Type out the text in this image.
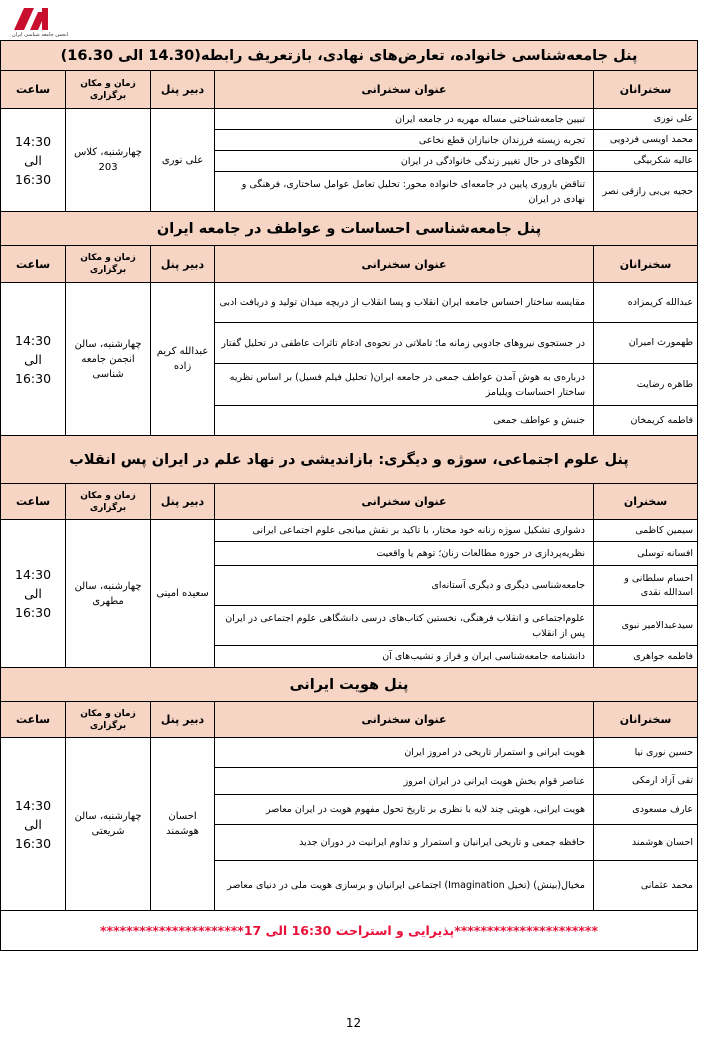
انجمن جامعه شناسی ایران
پنل جامعه‌شناسی خانواده، تعارض‌های نهادی، بازتعریف رابطه(14.30 الی 16.30)				
سخنرانان	عنوان سخنرانی	دبیر پنل	زمان و مکان برگزاری	ساعت
علی نوری	تبیین جامعه‌شناختی مساله مهریه در جامعه ایران	علی نوری	چهارشنبه، کلاس 203	14:30 الی 16:30
محمد اویسی فردویی	تجربه زیسته فرزندان جانبازان قطع نخاعی			
عالیه شکربیگی	الگوهای در حال تغییر زندگی خانوادگی در ایران			
حجیه بی‌بی رازقی نصر	تناقض باروری پایین در جامعه‌ای خانواده محور: تحلیل تعامل عوامل ساختاری، فرهنگی و نهادی در ایران			
پنل جامعه‌شناسی احساسات و عواطف در جامعه ایران				
سخنرانان	عنوان سخنرانی	دبیر پنل	زمان و مکان برگزاری	ساعت
عبدالله کریمزاده	مقایسه ساختار احساس جامعه ایران انقلاب و پسا انقلاب از دریچه میدان تولید و دریافت ادبی	عبدالله کریم زاده	چهارشنبه، سالن انجمن جامعه شناسی	14:30 الی 16:30
طهمورث امیران	در جستجوی نیروهای جادویی زمانه ما؛ تاملاتی در نحوه‌ی ادغام تاثرات عاطفی در تحلیل گفتار			
طاهره رضایت	درباره‌ی به هوش آمدن عواطف جمعی در جامعه ایران( تحلیل فیلم فسیل) بر اساس نظریه ساختار احساسات ویلیامز			
فاطمه کریمخان	جنبش و عواطف جمعی			
پنل علوم اجتماعی، سوژه و دیگری: بازاندیشی در نهاد علم در ایران پس انقلاب				
سخنران	عنوان سخنرانی	دبیر پنل	زمان و مکان برگزاری	ساعت
سیمین کاظمی	دشواری تشکیل سوژه زنانه خود مختار، با تاکید بر نقش میانجی علوم اجتماعی ایرانی	سعیده امینی	چهارشنبه، سالن مطهری	14:30 الی 16:30
افسانه توسلی	نظریه‌پردازی در حوزه مطالعات زنان؛ توهم یا واقعیت			
احسام سلطانی و اسدالله نقدی	جامعه‌شناسی دیگری و دیگری آستانه‌ای			
سیدعبدالامیر نبوی	علوم‌اجتماعی و انقلاب فرهنگی، نخستین کتاب‌های درسی دانشگاهی علوم اجتماعی در ایران پس از انقلاب			
فاطمه جواهری	دانشنامه جامعه‌شناسی ایران و فراز و نشیب‌های آن			
پنل هویت ایرانی				
سخنرانان	عنوان سخنرانی	دبیر پنل	زمان و مکان برگزاری	ساعت
حسین نوری نیا	هویت ایرانی و استمرار تاریخی در امروز ایران	احسان هوشمند	چهارشنبه، سالن شریعتی	14:30 الی 16:30
تقی آزاد ارمکی	عناصر قوام بخش هویت ایرانی در ایران امروز			
عارف مسعودی	هویت ایرانی، هویتی چند لایه با نظری بر تاریخ تحول مفهوم هویت در ایران معاصر			
احسان هوشمند	حافظه جمعی و تاریخی ایرانیان و استمرار و تداوم ایرانیت در دوران جدید			
محمد عثمانی	مخیال(بینش) (تخیل Imagination) اجتماعی ایرانیان و برسازی هویت ملی در دنیای معاصر			
**********************پذیرایی و استراحت 16:30 الی 17**********************				
12
